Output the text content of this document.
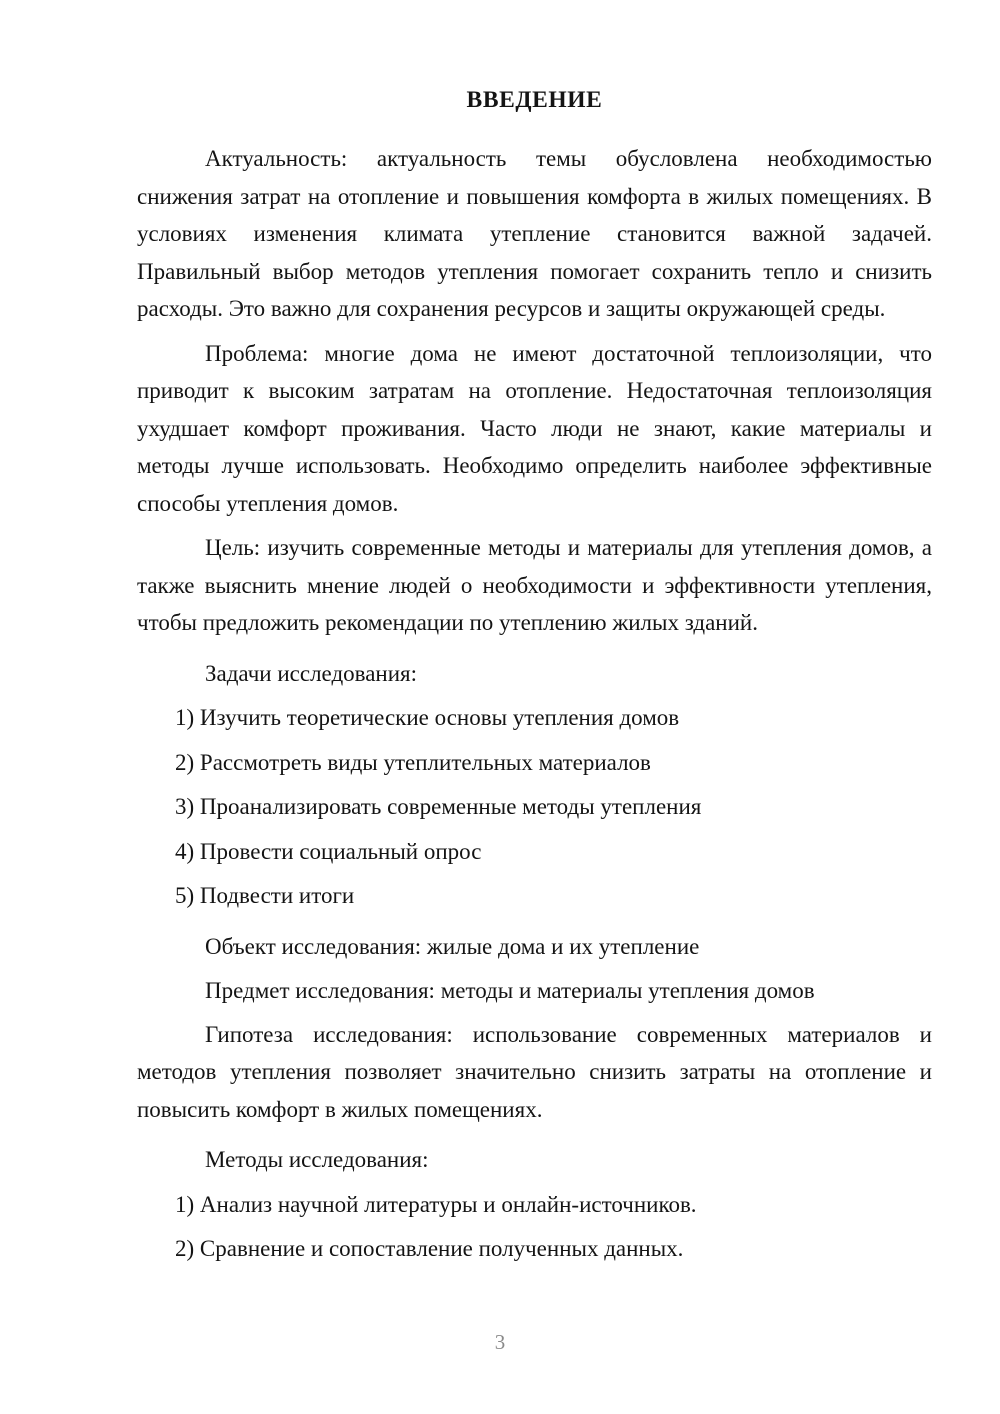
ВВЕДЕНИЕ

Актуальность: актуальность темы обусловлена необходимостью снижения затрат на отопление и повышения комфорта в жилых помещениях. В условиях изменения климата утепление становится важной задачей. Правильный выбор методов утепления помогает сохранить тепло и снизить расходы. Это важно для сохранения ресурсов и защиты окружающей среды.

Проблема: многие дома не имеют достаточной теплоизоляции, что приводит к высоким затратам на отопление. Недостаточная теплоизоляция ухудшает комфорт проживания. Часто люди не знают, какие материалы и методы лучше использовать. Необходимо определить наиболее эффективные способы утепления домов.

Цель: изучить современные методы и материалы для утепления домов, а также выяснить мнение людей о необходимости и эффективности утепления, чтобы предложить рекомендации по утеплению жилых зданий.

Задачи исследования:

1) Изучить теоретические основы утепления домов
2) Рассмотреть виды утеплительных материалов
3) Проанализировать современные методы утепления
4) Провести социальный опрос
5) Подвести итоги

Объект исследования: жилые дома и их утепление

Предмет исследования: методы и материалы утепления домов

Гипотеза исследования: использование современных материалов и методов утепления позволяет значительно снизить затраты на отопление и повысить комфорт в жилых помещениях.

Методы исследования:

1) Анализ научной литературы и онлайн-источников.
2) Сравнение и сопоставление полученных данных.
3
